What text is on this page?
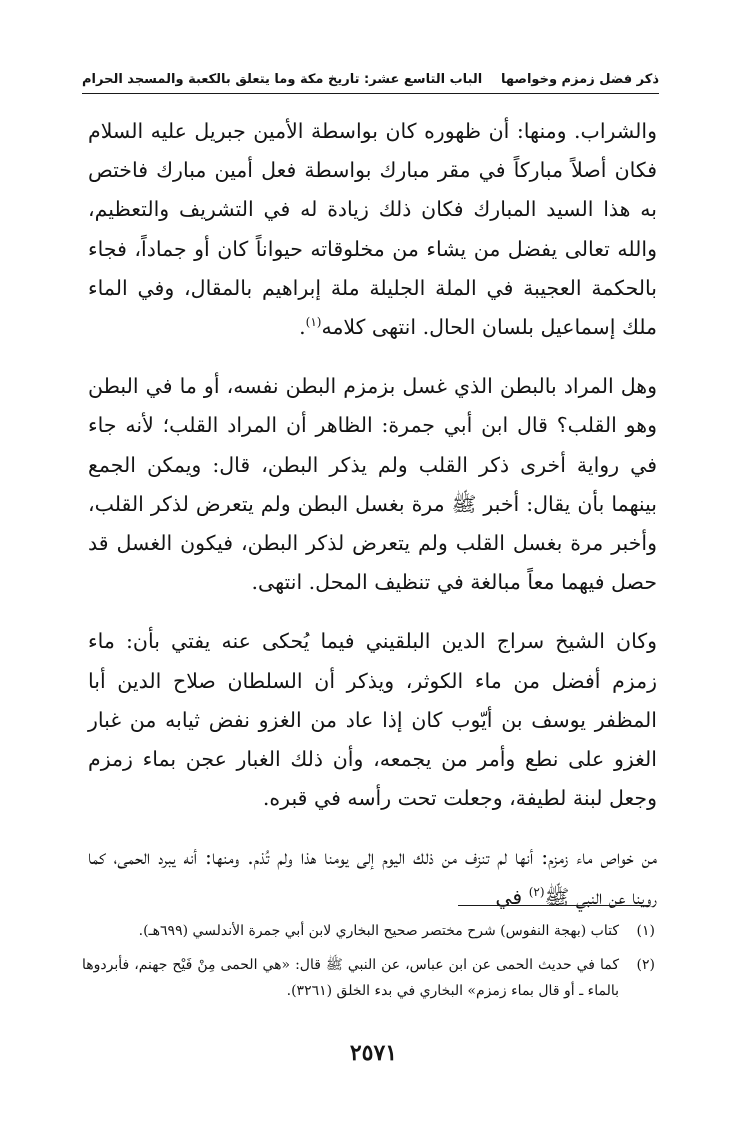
ذكر فضل زمزم وخواصها
الباب التاسع عشر: تاريخ مكة وما يتعلق بالكعبة والمسجد الحرام

والشراب. ومنها: أن ظهوره كان بواسطة الأمين جبريل عليه السلام فكان أصلاً مباركاً في مقر مبارك بواسطة فعل أمين مبارك فاختص به هذا السيد المبارك فكان ذلك زيادة له في التشريف والتعظيم، والله تعالى يفضل من يشاء من مخلوقاته حيواناً كان أو جماداً، فجاء بالحكمة العجيبة في الملة الجليلة ملة إبراهيم بالمقال، وفي الماء ملك إسماعيل بلسان الحال. انتهى كلامه$^{(١)}$.

وهل المراد بالبطن الذي غسل بزمزم البطن نفسه، أو ما في البطن وهو القلب؟ قال ابن أبي جمرة: الظاهر أن المراد القلب؛ لأنه جاء في رواية أخرى ذكر القلب ولم يذكر البطن، قال: ويمكن الجمع بينهما بأن يقال: أخبر ﷺ مرة بغسل البطن ولم يتعرض لذكر القلب، وأخبر مرة بغسل القلب ولم يتعرض لذكر البطن، فيكون الغسل قد حصل فيهما معاً مبالغة في تنظيف المحل. انتهى.

وكان الشيخ سراج الدين البلقيني فيما يُحكى عنه يفتي بأن: ماء زمزم أفضل من ماء الكوثر، ويذكر أن السلطان صلاح الدين أبا المظفر يوسف بن أيّوب كان إذا عاد من الغزو نفض ثيابه من غبار الغزو على نطع وأمر من يجمعه، وأن ذلك الغبار عجن بماء زمزم وجعل لبنة لطيفة، وجعلت تحت رأسه في قبره.

من خواص ماء زمزم: أنها لم تنزف من ذلك اليوم إلى يومنا هذا ولم تُذم. ومنها: أنه يبرد الحمى، كما روينا عن النبي ﷺ$^{(٢)}$ في

(١)
كتاب (بهجة النفوس) شرح مختصر صحيح البخاري لابن أبي جمرة الأندلسي (٦٩٩هـ).
(٢)
كما في حديث الحمى عن ابن عباس، عن النبي ﷺ قال: «هي الحمى مِنْ فَيْح جهنم، فأبردوها بالماء ـ أو قال بماء زمزم» البخاري في بدء الخلق (٣٢٦١).
٢٥٧١
